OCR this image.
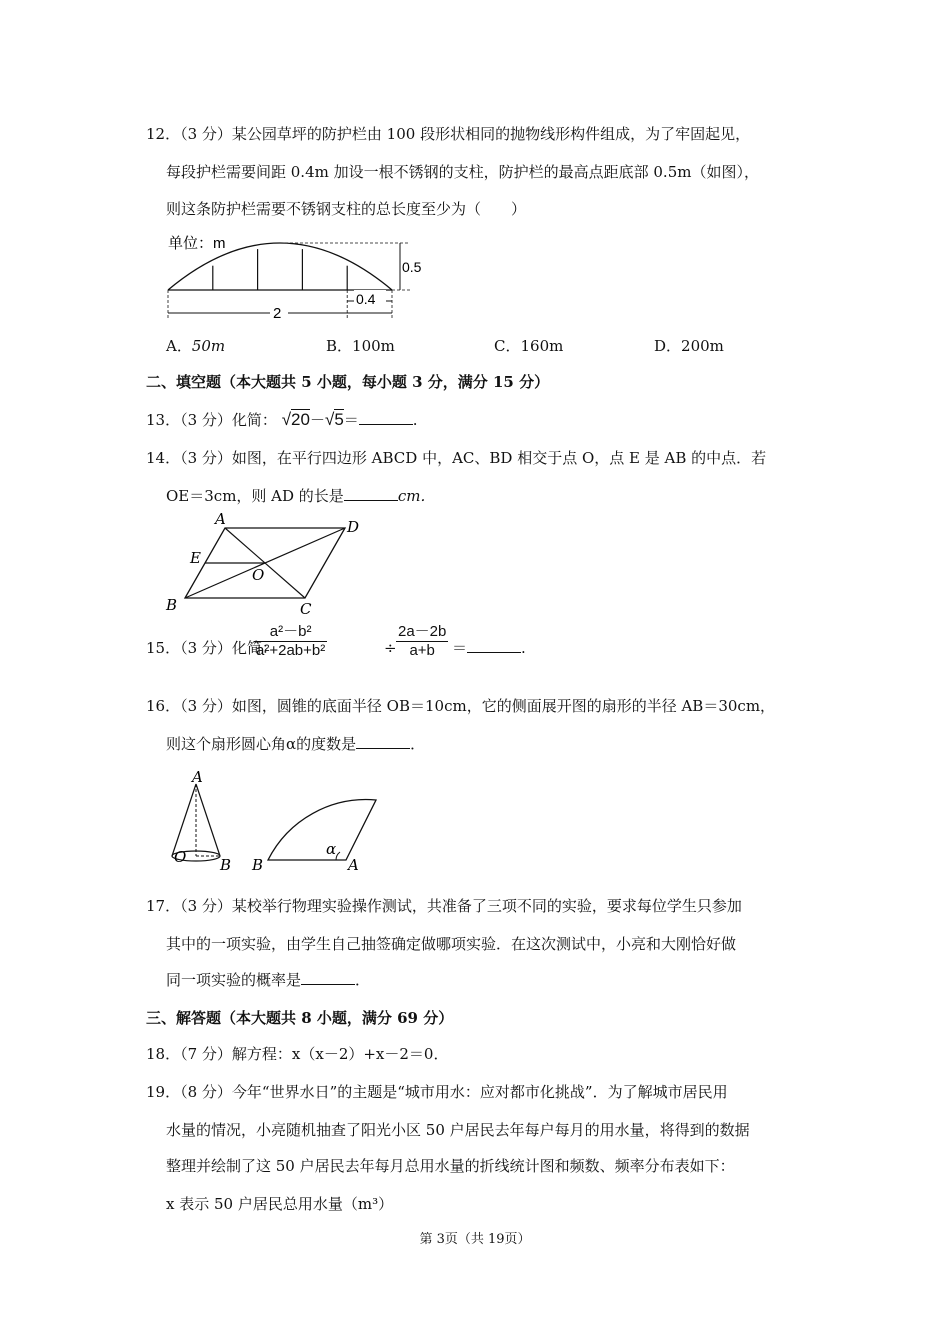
12．（3 分）某公园草坪的防护栏由 100 段形状相同的抛物线形构件组成，为了牢固起见，
每段护栏需要间距 0.4m 加设一根不锈钢的支柱，防护栏的最高点距底部 0.5m（如图），
则这条防护栏需要不锈钢支柱的总长度至少为（　　）
单位：m
0.5
0.4
2
A．50m	B．100m	C．160m	D．200m
二、填空题（本大题共 5 小题，每小题 3 分，满分 15 分）
13．（3 分）化简： √20－√5＝	.
14．（3 分）如图，在平行四边形 ABCD 中，AC、BD 相交于点 O，点 E 是 AB 的中点．若
OE＝3cm，则 AD 的长是	cm．
A	D
E
O
B	C
15．（3 分）化简：
$\frac{\text{a²－b²}}{\text{a²+2ab+b²}}$	÷ $\frac{2a-2b}{a+b}$ ＝	.
16．（3 分）如图，圆锥的底面半径 OB＝10cm，它的侧面展开图的扇形的半径 AB＝30cm，
则这个扇形圆心角α的度数是	．
A
O B
α
B	A
17．（3 分）某校举行物理实验操作测试，共准备了三项不同的实验，要求每位学生只参加
其中的一项实验，由学生自己抽签确定做哪项实验．在这次测试中，小亮和大刚恰好做
同一项实验的概率是	．
三、解答题（本大题共 8 小题，满分 69 分）
18．（7 分）解方程：x（x－2）+x－2＝0．
19．（8 分）今年“世界水日”的主题是“城市用水：应对都市化挑战”．为了解城市居民用
水量的情况，小亮随机抽查了阳光小区 50 户居民去年每户每月的用水量，将得到的数据
整理并绘制了这 50 户居民去年每月总用水量的折线统计图和频数、频率分布表如下：
x 表示 50 户居民总用水量（m³）
第 3页（共 19页）
